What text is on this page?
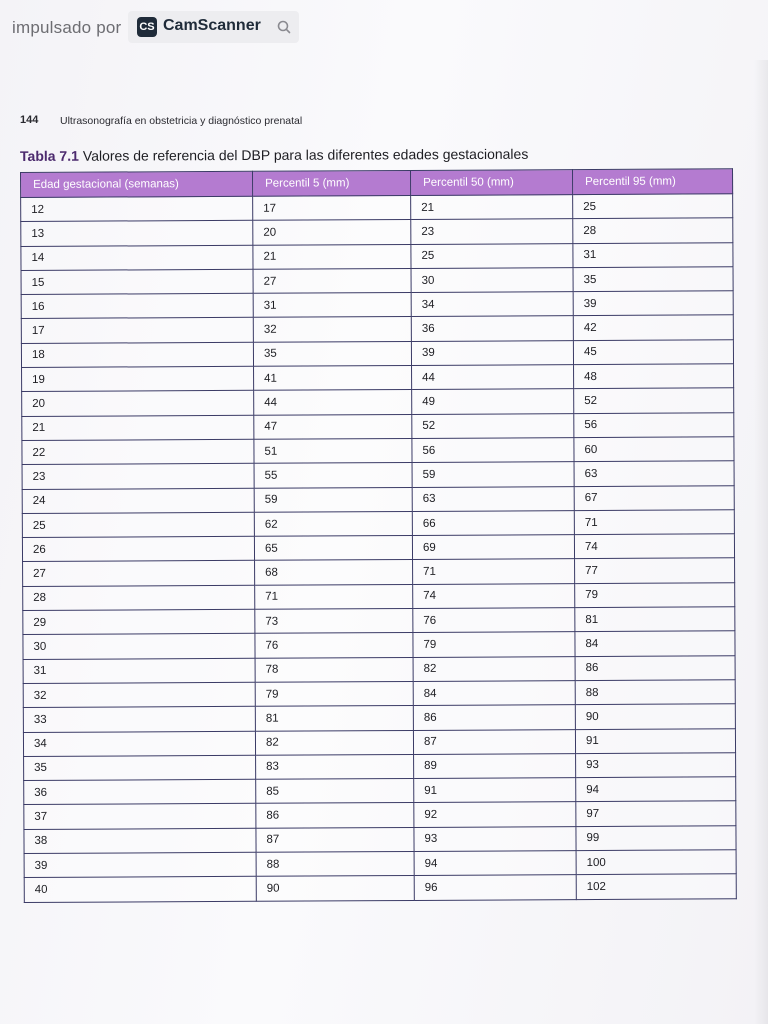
impulsado por CS CamScanner
144 Ultrasonografía en obstetricia y diagnóstico prenatal
Tabla 7.1 Valores de referencia del DBP para las diferentes edades gestacionales
Edad gestacional (semanas)	Percentil 5 (mm)	Percentil 50 (mm)	Percentil 95 (mm)
12	17	21	25
13	20	23	28
14	21	25	31
15	27	30	35
16	31	34	39
17	32	36	42
18	35	39	45
19	41	44	48
20	44	49	52
21	47	52	56
22	51	56	60
23	55	59	63
24	59	63	67
25	62	66	71
26	65	69	74
27	68	71	77
28	71	74	79
29	73	76	81
30	76	79	84
31	78	82	86
32	79	84	88
33	81	86	90
34	82	87	91
35	83	89	93
36	85	91	94
37	86	92	97
38	87	93	99
39	88	94	100
40	90	96	102
